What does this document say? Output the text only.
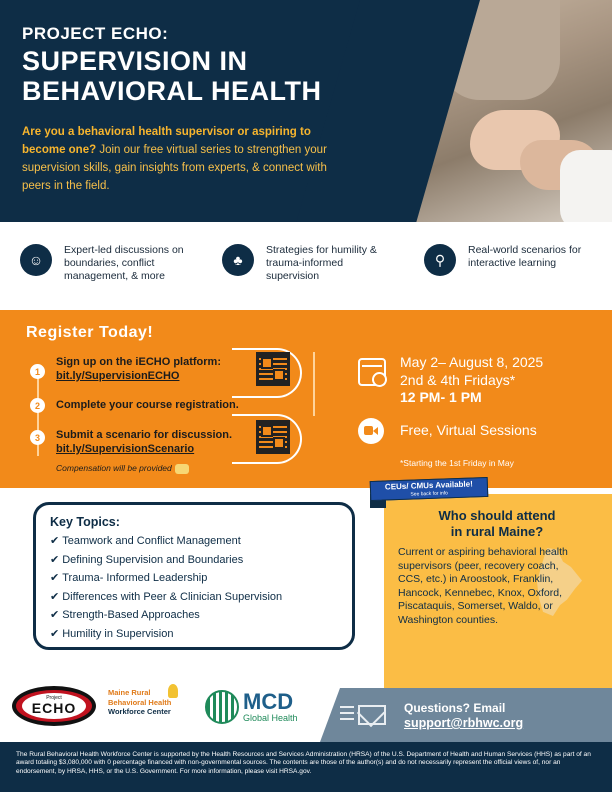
PROJECT ECHO:
SUPERVISION IN
BEHAVIORAL HEALTH
Are you a behavioral health supervisor or aspiring to become one? Join our free virtual series to strengthen your supervision skills, gain insights from experts, & connect with peers in the field.
☺
Expert-led discussions on boundaries, conflict management, & more
♣
Strategies for humility & trauma-informed supervision
⚲
Real-world scenarios for interactive learning
Register Today!
1
Sign up on the iECHO platform:
bit.ly/SupervisionECHO
2	Complete your course registration.
3	Submit a scenario for discussion.
bit.ly/SupervisionScenario
Compensation will be provided
May 2– August 8, 2025
2nd & 4th Fridays*
12 PM- 1 PM
Free, Virtual Sessions
*Starting the 1st Friday in May
Key Topics:
✔ Teamwork and Conflict Management
✔ Defining Supervision and Boundaries
✔ Trauma- Informed Leadership
✔ Differences with Peer & Clinician Supervision
✔ Strength-Based Approaches
✔ Humility in Supervision
CEUs/ CMUs Available!
See back for info
Who should attend
in rural Maine?
Current or aspiring behavioral health supervisors (peer, recovery coach, CCS, etc.) in Aroostook, Franklin, Hancock, Kennebec, Knox, Oxford, Piscataquis, Somerset, Waldo, or Washington counties.
Project
ECHO
Maine Rural
Behavioral Health
Workforce Center	MCD
Global Health
Questions? Email
support@rbhwc.org
The Rural Behavioral Health Workforce Center is supported by the Health Resources and Services Administration (HRSA) of the U.S. Department of Health and Human Services (HHS) as part of an award totaling $3,080,000 with 0 percentage financed with non-governmental sources. The contents are those of the author(s) and do not necessarily represent the official views of, nor an endorsement, by HRSA, HHS, or the U.S. Government. For more information, please visit HRSA.gov.
